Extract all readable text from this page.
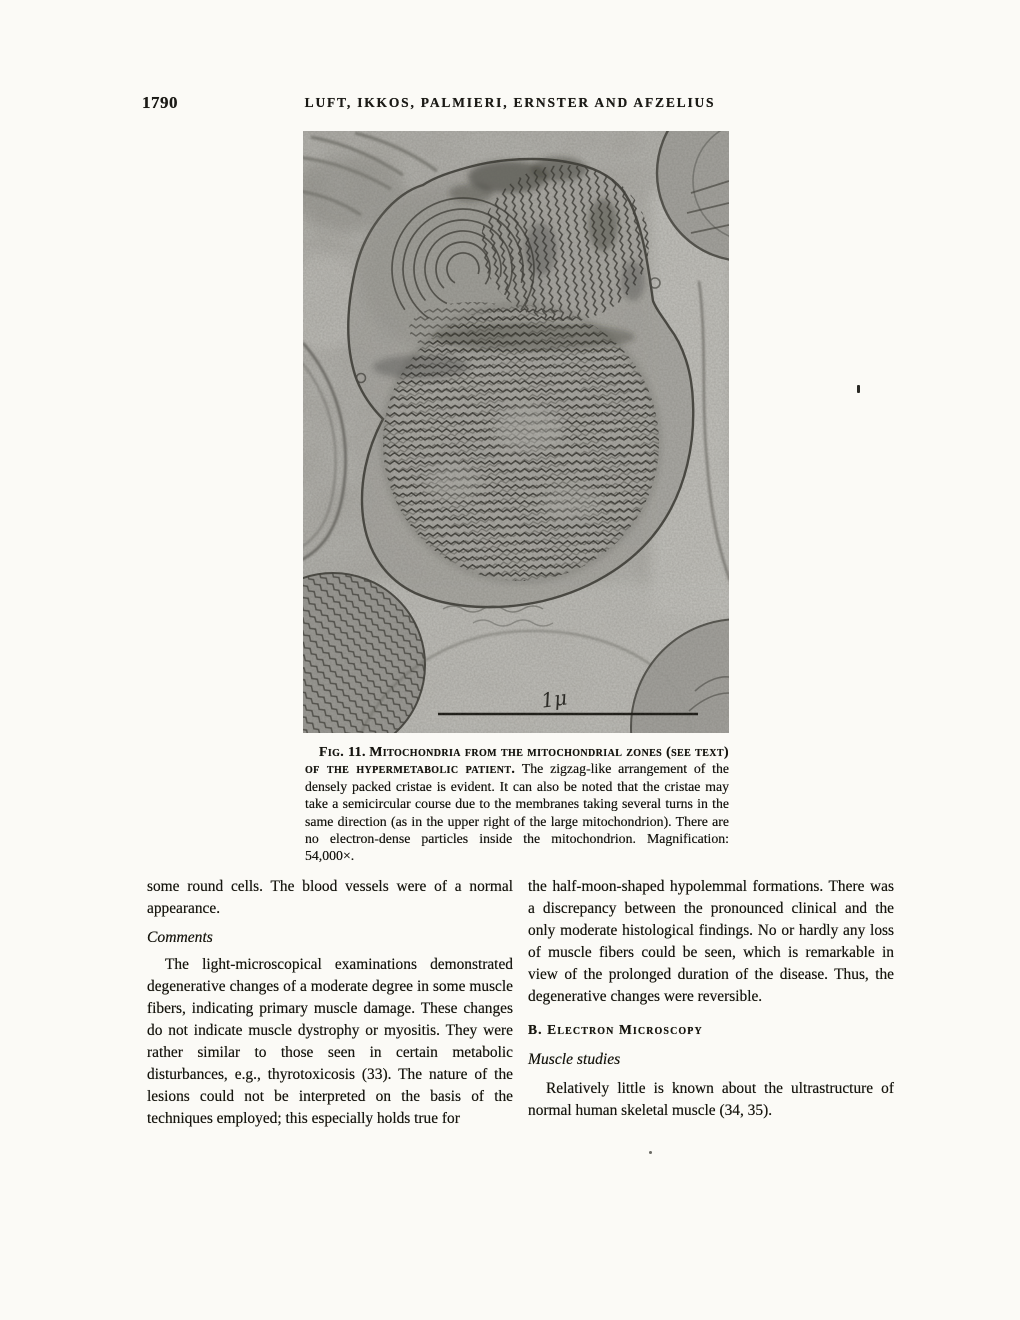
1790	LUFT, IKKOS, PALMIERI, ERNSTER AND AFZELIUS

Fig. 11. Mitochondria from the mitochondrial zones (see text) of the hypermetabolic patient. The zigzag-like arrangement of the densely packed cristae is evident. It can also be noted that the cristae may take a semicircular course due to the membranes taking several turns in the same direction (as in the upper right of the large mitochondrion). There are no electron-dense particles inside the mitochondrion. Magnification: 54,000×.

some round cells. The blood vessels were of a normal appearance.

Comments

The light-microscopical examinations demonstrated degenerative changes of a moderate degree in some muscle fibers, indicating primary muscle damage. These changes do not indicate muscle dystrophy or myositis. They were rather similar to those seen in certain metabolic disturbances, e.g., thyrotoxicosis (33). The nature of the lesions could not be interpreted on the basis of the techniques employed; this especially holds true for

the half-moon-shaped hypolemmal formations. There was a discrepancy between the pronounced clinical and the only moderate histological findings. No or hardly any loss of muscle fibers could be seen, which is remarkable in view of the prolonged duration of the disease. Thus, the degenerative changes were reversible.

B. Electron Microscopy
Muscle studies

Relatively little is known about the ultrastructure of normal human skeletal muscle (34, 35).
